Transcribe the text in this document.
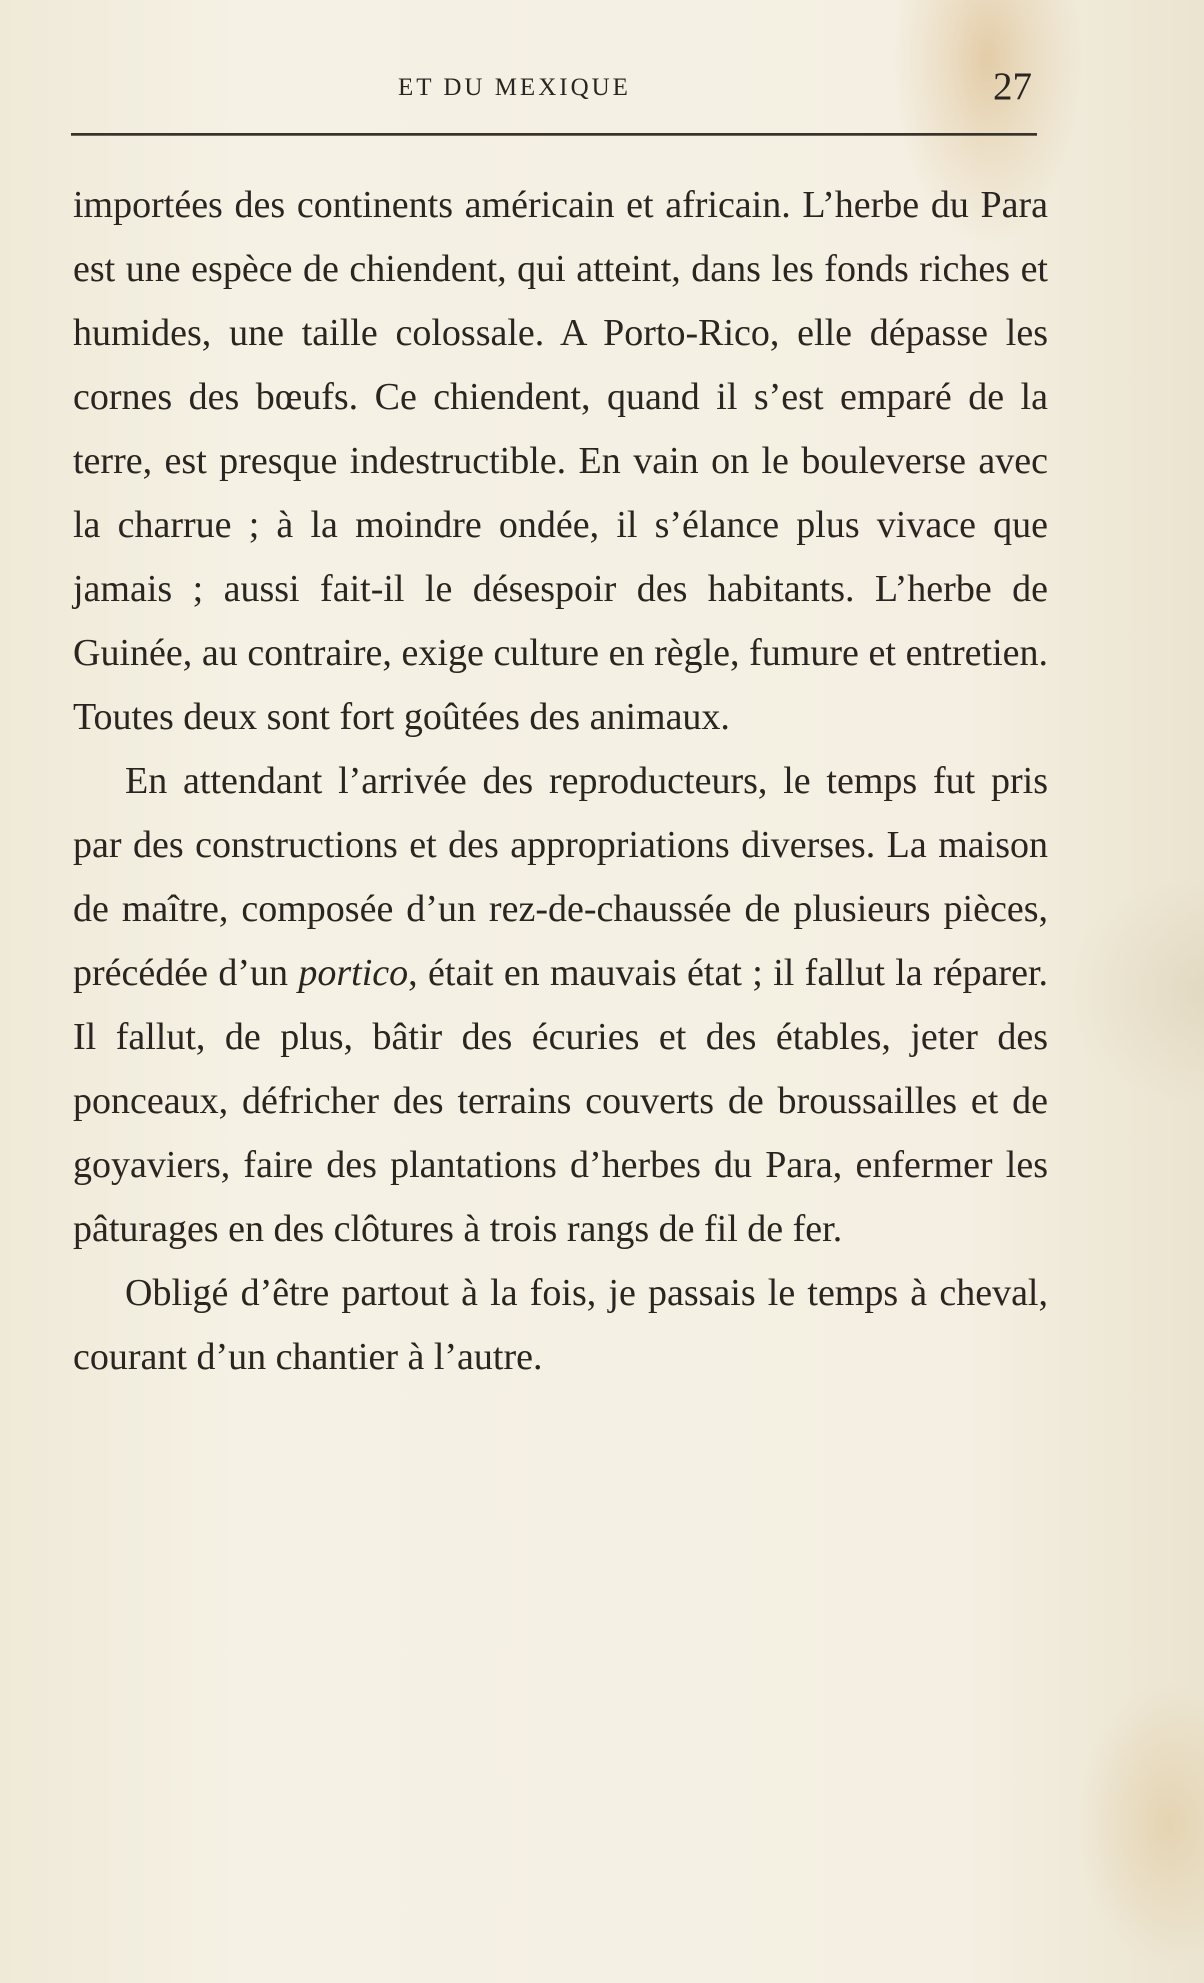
ET DU MEXIQUE	27

importées des continents américain et africain. L’herbe du Para est une espèce de chiendent, qui atteint, dans les fonds riches et humides, une taille colossale. A Porto-Rico, elle dépasse les cornes des bœufs. Ce chiendent, quand il s’est emparé de la terre, est presque indestructible. En vain on le bouleverse avec la charrue ; à la moindre ondée, il s’élance plus vivace que jamais ; aussi fait-il le désespoir des habitants. L’herbe de Guinée, au contraire, exige culture en règle, fumure et entretien. Toutes deux sont fort goûtées des animaux.

En attendant l’arrivée des reproducteurs, le temps fut pris par des constructions et des appropriations diverses. La maison de maître, composée d’un rez-de-chaussée de plusieurs pièces, précédée d’un portico, était en mauvais état ; il fallut la réparer. Il fallut, de plus, bâtir des écuries et des étables, jeter des ponceaux, défricher des terrains couverts de broussailles et de goyaviers, faire des plantations d’herbes du Para, enfermer les pâturages en des clôtures à trois rangs de fil de fer.

Obligé d’être partout à la fois, je passais le temps à cheval, courant d’un chantier à l’autre.
